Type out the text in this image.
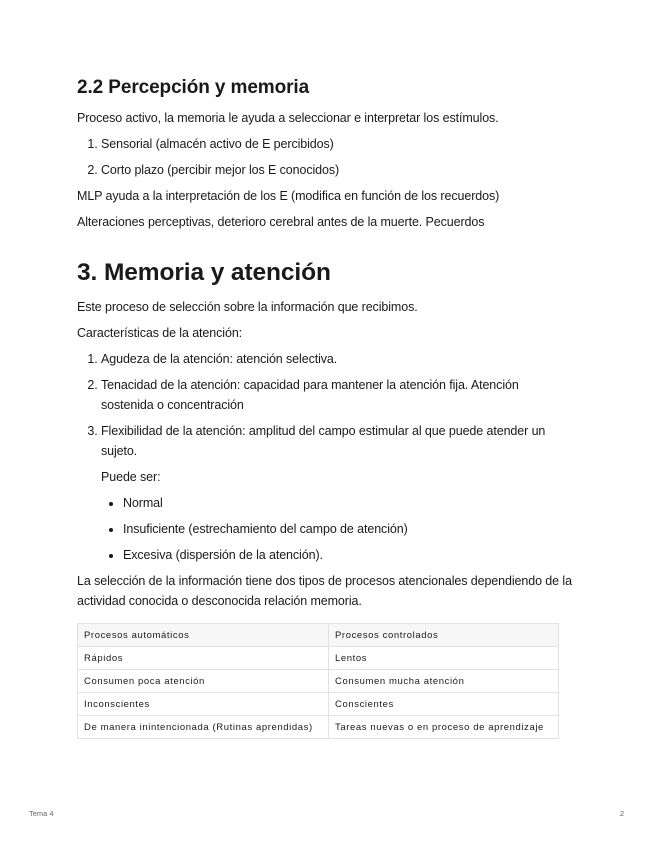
2.2 Percepción y memoria

Proceso activo, la memoria le ayuda a seleccionar e interpretar los estímulos.

1. Sensorial (almacén activo de E percibidos)
2. Corto plazo (percibir mejor los E conocidos)

MLP ayuda a la interpretación de los E (modifica en función de los recuerdos)

Alteraciones perceptivas, deterioro cerebral antes de la muerte. Pecuerdos

3. Memoria y atención

Este proceso de selección sobre la información que recibimos.

Características de la atención:

1. Agudeza de la atención: atención selectiva.
2. Tenacidad de la atención: capacidad para mantener la atención fija. Atención sostenida o concentración
3. Flexibilidad de la atención: amplitud del campo estimular al que puede atender un sujeto.

Puede ser:

• Normal
• Insuficiente (estrechamiento del campo de atención)
• Excesiva (dispersión de la atención).

La selección de la información tiene dos tipos de procesos atencionales dependiendo de la actividad conocida o desconocida relación memoria.

Procesos automáticos	Procesos controlados
Rápidos	Lentos
Consumen poca atención	Consumen mucha atención
Inconscientes	Conscientes
De manera inintencionada (Rutinas aprendidas)	Tareas nuevas o en proceso de aprendizaje
Tema 4	2
